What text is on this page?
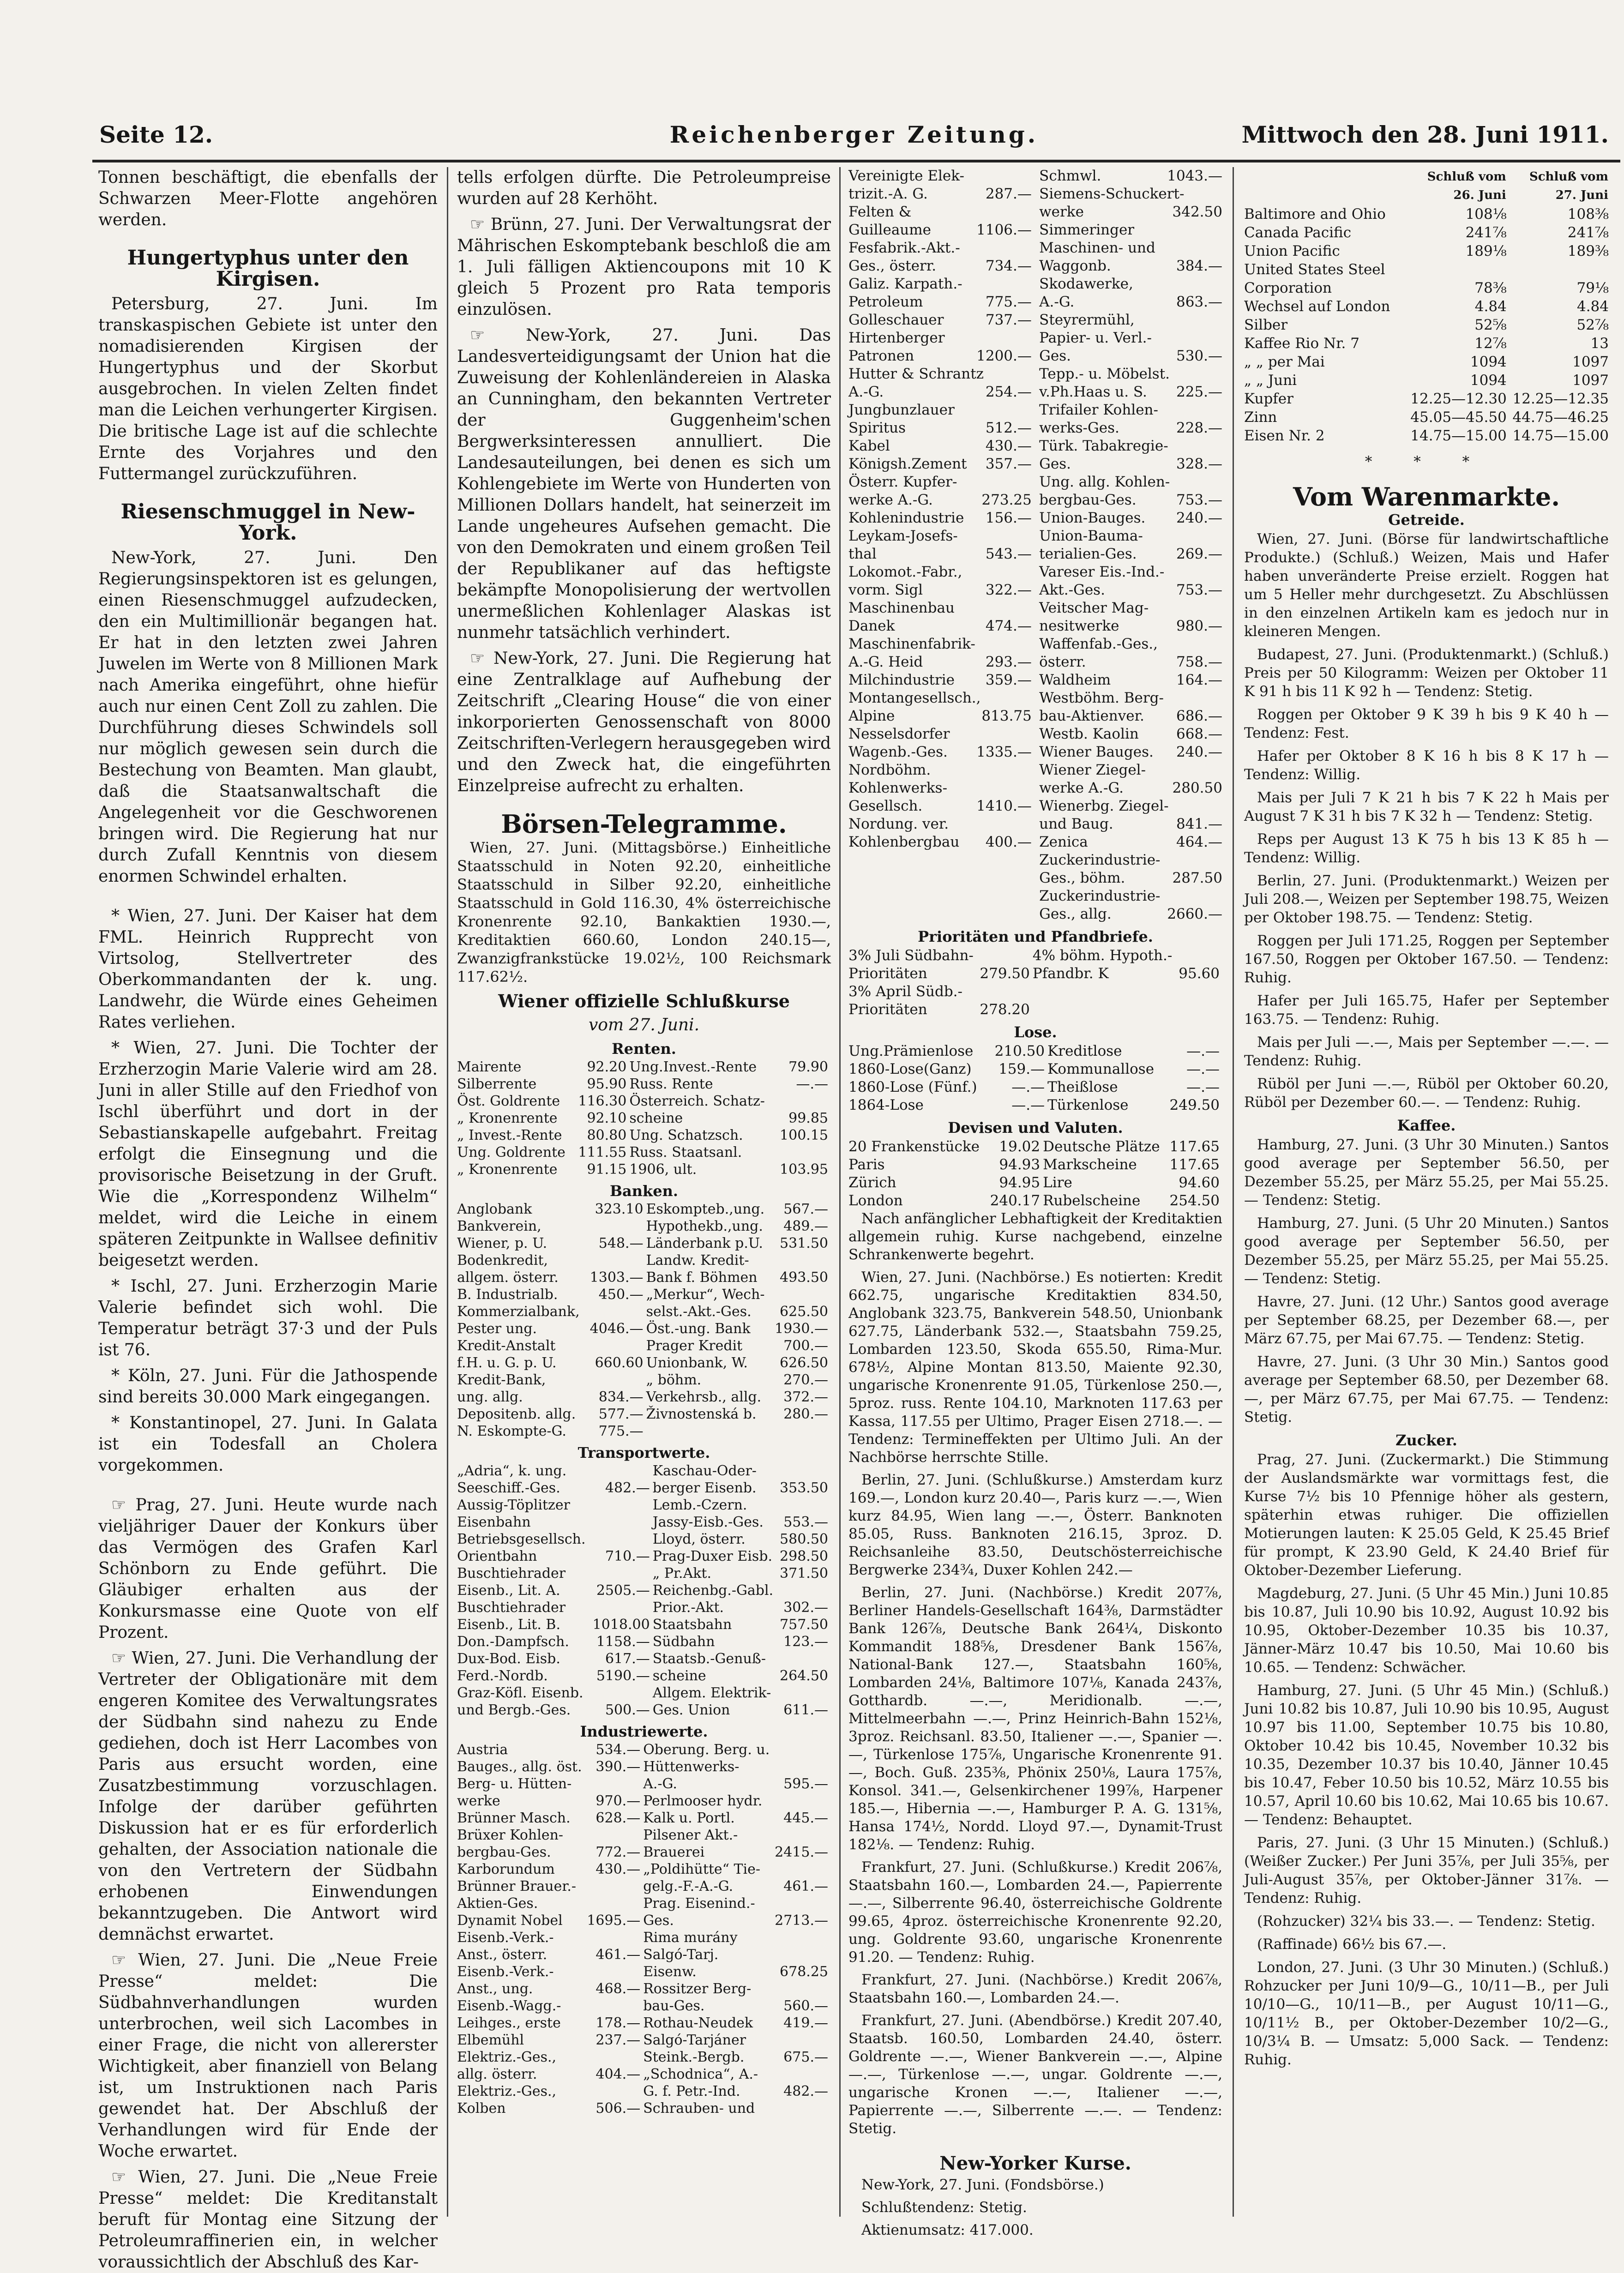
Seite 12.	Reichenberger Zeitung.	Mittwoch den 28. Juni 1911.

Tonnen beschäftigt, die ebenfalls der Schwarzen Meer-Flotte angehören werden.

Hungertyphus unter den Kirgisen.

Petersburg, 27. Juni. Im transkaspischen Gebiete ist unter den nomadisierenden Kirgisen der Hungertyphus und der Skorbut ausgebrochen. In vielen Zelten findet man die Leichen verhungerter Kirgisen. Die britische Lage ist auf die schlechte Ernte des Vorjahres und den Futtermangel zurückzuführen.

Riesenschmuggel in New-York.

New-York, 27. Juni. Den Regierungsinspektoren ist es gelungen, einen Riesenschmuggel aufzudecken, den ein Multimillionär begangen hat. Er hat in den letzten zwei Jahren Juwelen im Werte von 8 Millionen Mark nach Amerika eingeführt, ohne hiefür auch nur einen Cent Zoll zu zahlen. Die Durchführung dieses Schwindels soll nur möglich gewesen sein durch die Bestechung von Beamten. Man glaubt, daß die Staatsanwaltschaft die Angelegenheit vor die Geschworenen bringen wird. Die Regierung hat nur durch Zufall Kenntnis von diesem enormen Schwindel erhalten.

* Wien, 27. Juni. Der Kaiser hat dem FML. Heinrich Rupprecht von Virtsolog, Stellvertreter des Oberkommandanten der k. ung. Landwehr, die Würde eines Geheimen Rates verliehen.

* Wien, 27. Juni. Die Tochter der Erzherzogin Marie Valerie wird am 28. Juni in aller Stille auf den Friedhof von Ischl überführt und dort in der Sebastianskapelle aufgebahrt. Freitag erfolgt die Einsegnung und die provisorische Beisetzung in der Gruft. Wie die „Korrespondenz Wilhelm“ meldet, wird die Leiche in einem späteren Zeitpunkte in Wallsee definitiv beigesetzt werden.

* Ischl, 27. Juni. Erzherzogin Marie Valerie befindet sich wohl. Die Temperatur beträgt 37·3 und der Puls ist 76.

* Köln, 27. Juni. Für die Jathospende sind bereits 30.000 Mark eingegangen.

* Konstantinopel, 27. Juni. In Galata ist ein Todesfall an Cholera vorgekommen.

☞ Prag, 27. Juni. Heute wurde nach vieljähriger Dauer der Konkurs über das Vermögen des Grafen Karl Schönborn zu Ende geführt. Die Gläubiger erhalten aus der Konkursmasse eine Quote von elf Prozent.

☞ Wien, 27. Juni. Die Verhandlung der Vertreter der Obligationäre mit dem engeren Komitee des Verwaltungsrates der Südbahn sind nahezu zu Ende gediehen, doch ist Herr Lacombes von Paris aus ersucht worden, eine Zusatzbestimmung vorzuschlagen. Infolge der darüber geführten Diskussion hat er es für erforderlich gehalten, der Association nationale die von den Vertretern der Südbahn erhobenen Einwendungen bekanntzugeben. Die Antwort wird demnächst erwartet.

☞ Wien, 27. Juni. Die „Neue Freie Presse“ meldet: Die Südbahnverhandlungen wurden unterbrochen, weil sich Lacombes in einer Frage, die nicht von allererster Wichtigkeit, aber finanziell von Belang ist, um Instruktionen nach Paris gewendet hat. Der Abschluß der Verhandlungen wird für Ende der Woche erwartet.

☞ Wien, 27. Juni. Die „Neue Freie Presse“ meldet: Die Kreditanstalt beruft für Montag eine Sitzung der Petroleumraffinerien ein, in welcher voraussichtlich der Abschluß des Kar-

tells erfolgen dürfte. Die Petroleumpreise wurden auf 28 Kerhöht.

☞ Brünn, 27. Juni. Der Verwaltungsrat der Mährischen Eskomptebank beschloß die am 1. Juli fälligen Aktiencoupons mit 10 K gleich 5 Prozent pro Rata temporis einzulösen.

☞ New-York, 27. Juni. Das Landesverteidigungsamt der Union hat die Zuweisung der Kohlenländereien in Alaska an Cunningham, den bekannten Vertreter der Guggenheim'schen Bergwerksinteressen annulliert. Die Landesauteilungen, bei denen es sich um Kohlengebiete im Werte von Hunderten von Millionen Dollars handelt, hat seinerzeit im Lande ungeheures Aufsehen gemacht. Die von den Demokraten und einem großen Teil der Republikaner auf das heftigste bekämpfte Monopolisierung der wertvollen unermeßlichen Kohlenlager Alaskas ist nunmehr tatsächlich verhindert.

☞ New-York, 27. Juni. Die Regierung hat eine Zentralklage auf Aufhebung der Zeitschrift „Clearing House“ die von einer inkorporierten Genossenschaft von 8000 Zeitschriften-Verlegern herausgegeben wird und den Zweck hat, die eingeführten Einzelpreise aufrecht zu erhalten.

Börsen-Telegramme.

Wien, 27. Juni. (Mittagsbörse.) Einheitliche Staatsschuld in Noten 92.20, einheitliche Staatsschuld in Silber 92.20, einheitliche Staatsschuld in Gold 116.30, 4% österreichische Kronenrente 92.10, Bankaktien 1930.—, Kreditaktien 660.60, London 240.15—, Zwanzigfrankstücke 19.02½, 100 Reichsmark 117.62½.

Wiener offizielle Schlußkurse
vom 27. Juni.
Renten.
Mairente	92.20	Ung.Invest.-Rente	79.90
Silberrente	95.90	Russ. Rente	—.—
Öst. Goldrente	116.30	Österreich. Schatz-	
„ Kronenrente	92.10	scheine	99.85
„ Invest.-Rente	80.80	Ung. Schatzsch.	100.15
Ung. Goldrente	111.55	Russ. Staatsanl.	
„ Kronenrente	91.15	1906, ult.	103.95
Banken.
Anglobank	323.10	Eskompteb.,ung.	567.—
Bankverein,		Hypothekb.,ung.	489.—
Wiener, p. U.	548.—	Länderbank p.U.	531.50
Bodenkredit,		Landw. Kredit-	
allgem. österr.	1303.—	Bank f. Böhmen	493.50
B. Industrialb.	450.—	„Merkur“, Wech-	
Kommerzialbank,		selst.-Akt.-Ges.	625.50
Pester ung.	4046.—	Öst.-ung. Bank	1930.—
Kredit-Anstalt		Prager Kredit	700.—
f.H. u. G. p. U.	660.60	Unionbank, W.	626.50
Kredit-Bank,		„ böhm.	270.—
ung. allg.	834.—	Verkehrsb., allg.	372.—
Depositenb. allg.	577.—	Živnostenská b.	280.—
N. Eskompte-G.	775.—		
Transportwerte.
„Adria“, k. ung.		Kaschau-Oder-	
Seeschiff.-Ges.	482.—	berger Eisenb.	353.50
Aussig-Töplitzer		Lemb.-Czern.	
Eisenbahn		Jassy-Eisb.-Ges.	553.—
Betriebsgesellsch.		Lloyd, österr.	580.50
Orientbahn	710.—	Prag-Duxer Eisb.	298.50
Buschtiehrader		„ Pr.Akt.	371.50
Eisenb., Lit. A.	2505.—	Reichenbg.-Gabl.	
Buschtiehrader		Prior.-Akt.	302.—
Eisenb., Lit. B.	1018.00	Staatsbahn	757.50
Don.-Dampfsch.	1158.—	Südbahn	123.—
Dux-Bod. Eisb.	617.—	Staatsb.-Genuß-	
Ferd.-Nordb.	5190.—	scheine	264.50
Graz-Köfl. Eisenb.		Allgem. Elektrik-	
und Bergb.-Ges.	500.—	Ges. Union	611.—
Industriewerte.
Austria	534.—	Oberung. Berg. u.	
Bauges., allg. öst.	390.—	Hüttenwerks-	
Berg- u. Hütten-		A.-G.	595.—
werke	970.—	Perlmooser hydr.	
Brünner Masch.	628.—	Kalk u. Portl.	445.—
Brüxer Kohlen-		Pilsener Akt.-	
bergbau-Ges.	772.—	Brauerei	2415.—
Karborundum	430.—	„Poldihütte“ Tie-	
Brünner Brauer.-		gelg.-F.-A.-G.	461.—
Aktien-Ges.		Prag. Eisenind.-	
Dynamit Nobel	1695.—	Ges.	2713.—
Eisenb.-Verk.-		Rima murány	
Anst., österr.	461.—	Salgó-Tarj.	
Eisenb.-Verk.-		Eisenw.	678.25
Anst., ung.	468.—	Rossitzer Berg-	
Eisenb.-Wagg.-		bau-Ges.	560.—
Leihges., erste	178.—	Rothau-Neudek	419.—
Elbemühl	237.—	Salgó-Tarjáner	
Elektriz.-Ges.,		Steink.-Bergb.	675.—
allg. österr.	404.—	„Schodnica“, A.-	
Elektriz.-Ges.,		G. f. Petr.-Ind.	482.—
Kolben	506.—	Schrauben- und	
Vereinigte Elek-
trizit.-A. G.	287.—
Felten &
Guilleaume	1106.—
Fesfabrik.-Akt.-
Ges., österr.	734.—
Galiz. Karpath.-
Petroleum	775.—
Golleschauer	737.—
Hirtenberger
Patronen	1200.—
Hutter & Schrantz
A.-G.	254.—
Jungbunzlauer
Spiritus	512.—
Kabel	430.—
Königsh.Zement 357.—
Österr. Kupfer-
werke A.-G.	273.25
Kohlenindustrie 156.—
Leykam-Josefs-
thal	543.—
Lokomot.-Fabr.,
vorm. Sigl	322.—
Maschinenbau
Danek	474.—
Maschinenfabrik-
A.-G. Heid	293.—
Milchindustrie 359.—
Montangesellsch.,
Alpine	813.75
Nesselsdorfer
Wagenb.-Ges. 1335.—
Nordböhm.
Kohlenwerks-
Gesellsch.	1410.—
Nordung. ver.
Kohlenbergbau 400.—
Schmwl.	1043.—
Siemens-Schuckert-
werke	342.50
Simmeringer
Maschinen- und
Waggonb.	384.—
Skodawerke,
A.-G.	863.—
Steyrermühl,
Papier- u. Verl.-
Ges.	530.—
Tepp.- u. Möbelst.
v.Ph.Haas u. S. 225.—
Trifailer Kohlen-
werks-Ges.	228.—
Türk. Tabakregie-
Ges.	328.—
Ung. allg. Kohlen-
bergbau-Ges.	753.—
Union-Bauges. 240.—
Union-Bauma-
terialien-Ges.	269.—
Vareser Eis.-Ind.-
Akt.-Ges.	753.—
Veitscher Mag-
nesitwerke	980.—
Waffenfab.-Ges.,
österr.	758.—
Waldheim	164.—
Westböhm. Berg-
bau-Aktienver. 686.—
Westb. Kaolin	668.—
Wiener Bauges. 240.—
Wiener Ziegel-
werke A.-G.	280.50
Wienerbg. Ziegel-
und Baug.	841.—
Zenica	464.—
Zuckerindustrie-
Ges., böhm.	287.50
Zuckerindustrie-
Ges., allg.	2660.—
Prioritäten und Pfandbriefe.
3% Juli Südbahn-		4% böhm. Hypoth.-	
Prioritäten	279.50	Pfandbr. K	95.60
3% April Südb.-			
Prioritäten	278.20		
Lose.
Ung.Prämienlose	210.50	Kreditlose	—.—
1860-Lose(Ganz)	159.—	Kommunallose	—.—
1860-Lose (Fünf.)	—.—	Theißlose	—.—
1864-Lose	—.—	Türkenlose	249.50
Devisen und Valuten.
20 Frankenstücke	19.02	Deutsche Plätze	117.65
Paris	94.93	Markscheine	117.65
Zürich	94.95	Lire	94.60
London	240.17	Rubelscheine	254.50

Nach anfänglicher Lebhaftigkeit der Kreditaktien allgemein ruhig. Kurse nachgebend, einzelne Schrankenwerte begehrt.

Wien, 27. Juni. (Nachbörse.) Es notierten: Kredit 662.75, ungarische Kreditaktien 834.50, Anglobank 323.75, Bankverein 548.50, Unionbank 627.75, Länderbank 532.—, Staatsbahn 759.25, Lombarden 123.50, Skoda 655.50, Rima-Mur. 678½, Alpine Montan 813.50, Maiente 92.30, ungarische Kronenrente 91.05, Türkenlose 250.—, 5proz. russ. Rente 104.10, Marknoten 117.63 per Kassa, 117.55 per Ultimo, Prager Eisen 2718.—. — Tendenz: Termineffekten per Ultimo Juli. An der Nachbörse herrschte Stille.

Berlin, 27. Juni. (Schlußkurse.) Amsterdam kurz 169.—, London kurz 20.40—, Paris kurz —.—, Wien kurz 84.95, Wien lang —.—, Österr. Banknoten 85.05, Russ. Banknoten 216.15, 3proz. D. Reichsanleihe 83.50, Deutschösterreichische Bergwerke 234¾, Duxer Kohlen 242.—

Berlin, 27. Juni. (Nachbörse.) Kredit 207⅞, Berliner Handels-Gesellschaft 164⅜, Darmstädter Bank 126⅞, Deutsche Bank 264¼, Diskonto Kommandit 188⅝, Dresdener Bank 156⅞, National-Bank 127.—, Staatsbahn 160⅝, Lombarden 24⅛, Baltimore 107⅛, Kanada 243⅞, Gotthardb. —.—, Meridionalb. —.—, Mittelmeerbahn —.—, Prinz Heinrich-Bahn 152⅛, 3proz. Reichsanl. 83.50, Italiener —.—, Spanier —.—, Türkenlose 175⅞, Ungarische Kronenrente 91.—, Boch. Guß. 235⅜, Phönix 250⅛, Laura 175⅞, Konsol. 341.—, Gelsenkirchener 199⅞, Harpener 185.—, Hibernia —.—, Hamburger P. A. G. 131⅝, Hansa 174½, Nordd. Lloyd 97.—, Dynamit-Trust 182⅛. — Tendenz: Ruhig.

Frankfurt, 27. Juni. (Schlußkurse.) Kredit 206⅞, Staatsbahn 160.—, Lombarden 24.—, Papierrente —.—, Silberrente 96.40, österreichische Goldrente 99.65, 4proz. österreichische Kronenrente 92.20, ung. Goldrente 93.60, ungarische Kronenrente 91.20. — Tendenz: Ruhig.

Frankfurt, 27. Juni. (Nachbörse.) Kredit 206⅞, Staatsbahn 160.—, Lombarden 24.—.

Frankfurt, 27. Juni. (Abendbörse.) Kredit 207.40, Staatsb. 160.50, Lombarden 24.40, österr. Goldrente —.—, Wiener Bankverein —.—, Alpine —.—, Türkenlose —.—, ungar. Goldrente —.—, ungarische Kronen —.—, Italiener —.—, Papierrente —.—, Silberrente —.—. — Tendenz: Stetig.

New-Yorker Kurse.

New-York, 27. Juni. (Fondsbörse.)

Schlußtendenz: Stetig.

Aktienumsatz: 417.000.

	Schluß vom 26. Juni	Schluß vom 27. Juni
Baltimore and Ohio	108⅛	108⅜
Canada Pacific	241⅞	241⅞
Union Pacific	189⅛	189⅜
United States Steel		
Corporation	78⅜	79⅛
Wechsel auf London	4.84	4.84
Silber	52⅝	52⅞
Kaffee Rio Nr. 7	12⅞	13
„ „ per Mai	1094	1097
„ „ Juni	1094	1097
Kupfer	12.25—12.30	12.25—12.35
Zinn	45.05—45.50	44.75—46.25
Eisen Nr. 2	14.75—15.00	14.75—15.00
* * *
Vom Warenmarkte.
Getreide.

Wien, 27. Juni. (Börse für landwirtschaftliche Produkte.) (Schluß.) Weizen, Mais und Hafer haben unveränderte Preise erzielt. Roggen hat um 5 Heller mehr durchgesetzt. Zu Abschlüssen in den einzelnen Artikeln kam es jedoch nur in kleineren Mengen.

Budapest, 27. Juni. (Produktenmarkt.) (Schluß.) Preis per 50 Kilogramm: Weizen per Oktober 11 K 91 h bis 11 K 92 h — Tendenz: Stetig.

Roggen per Oktober 9 K 39 h bis 9 K 40 h — Tendenz: Fest.

Hafer per Oktober 8 K 16 h bis 8 K 17 h — Tendenz: Willig.

Mais per Juli 7 K 21 h bis 7 K 22 h Mais per August 7 K 31 h bis 7 K 32 h — Tendenz: Stetig.

Reps per August 13 K 75 h bis 13 K 85 h — Tendenz: Willig.

Berlin, 27. Juni. (Produktenmarkt.) Weizen per Juli 208.—, Weizen per September 198.75, Weizen per Oktober 198.75. — Tendenz: Stetig.

Roggen per Juli 171.25, Roggen per September 167.50, Roggen per Oktober 167.50. — Tendenz: Ruhig.

Hafer per Juli 165.75, Hafer per September 163.75. — Tendenz: Ruhig.

Mais per Juli —.—, Mais per September —.—. — Tendenz: Ruhig.

Rüböl per Juni —.—, Rüböl per Oktober 60.20, Rüböl per Dezember 60.—. — Tendenz: Ruhig.

Kaffee.

Hamburg, 27. Juni. (3 Uhr 30 Minuten.) Santos good average per September 56.50, per Dezember 55.25, per März 55.25, per Mai 55.25. — Tendenz: Stetig.

Hamburg, 27. Juni. (5 Uhr 20 Minuten.) Santos good average per September 56.50, per Dezember 55.25, per März 55.25, per Mai 55.25. — Tendenz: Stetig.

Havre, 27. Juni. (12 Uhr.) Santos good average per September 68.25, per Dezember 68.—, per März 67.75, per Mai 67.75. — Tendenz: Stetig.

Havre, 27. Juni. (3 Uhr 30 Min.) Santos good average per September 68.50, per Dezember 68.—, per März 67.75, per Mai 67.75. — Tendenz: Stetig.

Zucker.

Prag, 27. Juni. (Zuckermarkt.) Die Stimmung der Auslandsmärkte war vormittags fest, die Kurse 7½ bis 10 Pfennige höher als gestern, späterhin etwas ruhiger. Die offiziellen Motierungen lauten: K 25.05 Geld, K 25.45 Brief für prompt, K 23.90 Geld, K 24.40 Brief für Oktober-Dezember Lieferung.

Magdeburg, 27. Juni. (5 Uhr 45 Min.) Juni 10.85 bis 10.87, Juli 10.90 bis 10.92, August 10.92 bis 10.95, Oktober-Dezember 10.35 bis 10.37, Jänner-März 10.47 bis 10.50, Mai 10.60 bis 10.65. — Tendenz: Schwächer.

Hamburg, 27. Juni. (5 Uhr 45 Min.) (Schluß.) Juni 10.82 bis 10.87, Juli 10.90 bis 10.95, August 10.97 bis 11.00, September 10.75 bis 10.80, Oktober 10.42 bis 10.45, November 10.32 bis 10.35, Dezember 10.37 bis 10.40, Jänner 10.45 bis 10.47, Feber 10.50 bis 10.52, März 10.55 bis 10.57, April 10.60 bis 10.62, Mai 10.65 bis 10.67. — Tendenz: Behauptet.

Paris, 27. Juni. (3 Uhr 15 Minuten.) (Schluß.) (Weißer Zucker.) Per Juni 35⅞, per Juli 35⅝, per Juli-August 35⅞, per Oktober-Jänner 31⅞. — Tendenz: Ruhig.

(Rohzucker) 32¼ bis 33.—. — Tendenz: Stetig.

(Raffinade) 66½ bis 67.—.

London, 27. Juni. (3 Uhr 30 Minuten.) (Schluß.) Rohzucker per Juni 10/9—G., 10/11—B., per Juli 10/10—G., 10/11—B., per August 10/11—G., 10/11½ B., per Oktober-Dezember 10/2—G., 10/3¼ B. — Umsatz: 5,000 Sack. — Tendenz: Ruhig.
